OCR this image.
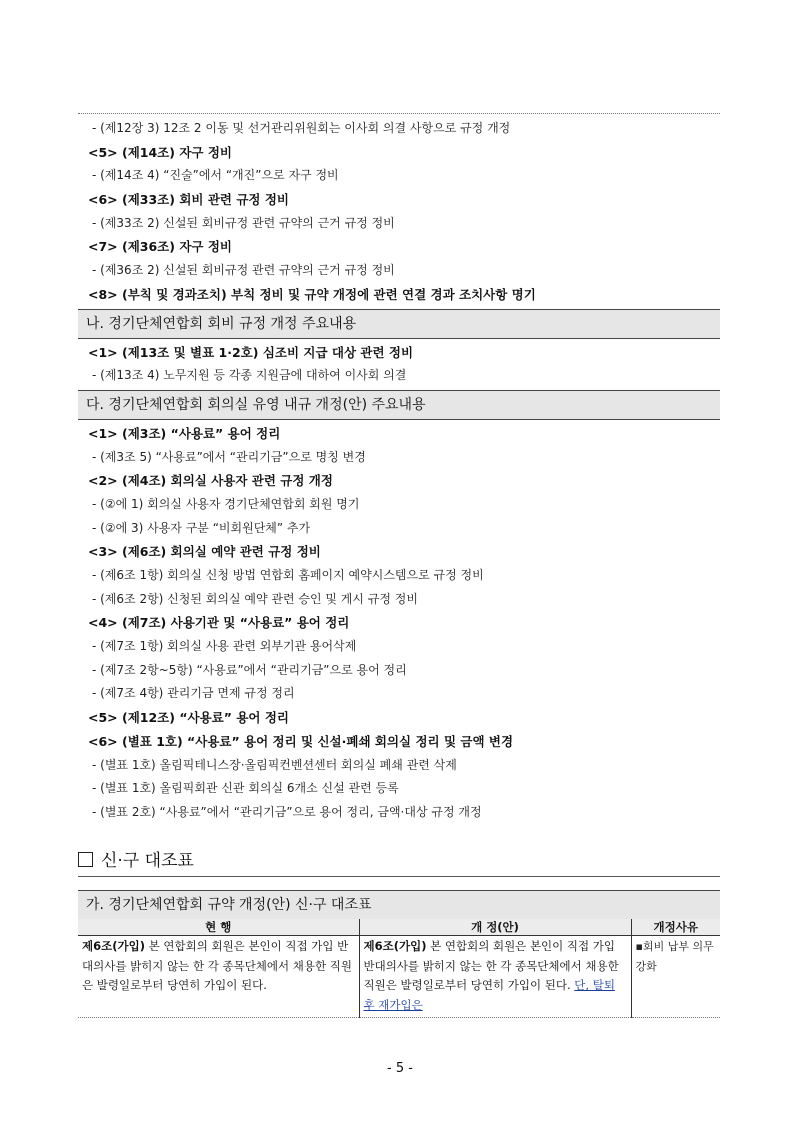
- (제12장 3) 12조 2 이동 및 선거관리위원회는 이사회 의결 사항으로 규정 개정
<5> (제14조) 자구 정비
- (제14조 4) “진술”에서 “개진”으로 자구 정비
<6> (제33조) 회비 관련 규정 정비
- (제33조 2) 신설된 회비규정 관련 규약의 근거 규정 정비
<7> (제36조) 자구 정비
- (제36조 2) 신설된 회비규정 관련 규약의 근거 규정 정비
<8> (부칙 및 경과조치) 부칙 정비 및 규약 개정에 관련 연결 경과 조치사항 명기
나. 경기단체연합회 회비 규정 개정 주요내용
<1> (제13조 및 별표 1·2호) 심조비 지급 대상 관련 정비
- (제13조 4) 노무지원 등 각종 지원금에 대하여 이사회 의결
다. 경기단체연합회 회의실 유영 내규 개정(안) 주요내용
<1> (제3조) “사용료” 용어 정리
- (제3조 5) “사용료”에서 “관리기금”으로 명칭 변경
<2> (제4조) 회의실 사용자 관련 규정 개정
- (②에 1) 회의실 사용자 경기단체연합회 회원 명기
- (②에 3) 사용자 구분 “비회원단체” 추가
<3> (제6조) 회의실 예약 관련 규정 정비
- (제6조 1항) 회의실 신청 방법 연합회 홈페이지 예약시스템으로 규정 정비
- (제6조 2항) 신청된 회의실 예약 관련 승인 및 게시 규정 정비
<4> (제7조) 사용기관 및 “사용료” 용어 정리
- (제7조 1항) 회의실 사용 관련 외부기관 용어삭제
- (제7조 2항~5항) “사용료”에서 “관리기금”으로 용어 정리
- (제7조 4항) 관리기금 면제 규정 정리
<5> (제12조) “사용료” 용어 정리
<6> (별표 1호) “사용료” 용어 정리 및 신설·폐쇄 회의실 정리 및 금액 변경
- (별표 1호) 올림픽테니스장·올림픽컨벤션센터 회의실 폐쇄 관련 삭제
- (별표 1호) 올림픽회관 신관 회의실 6개소 신설 관련 등록
- (별표 2호) “사용료”에서 “관리기금”으로 용어 정리, 금액·대상 규정 개정
신·구 대조표
가. 경기단체연합회 규약 개정(안) 신·구 대조표
현 행	개 정(안)	개정사유
제6조(가입) 본 연합회의 회원은 본인이 직접 가입 반대의사를 밝히지 않는 한 각 종목단체에서 채용한 직원은 발령일로부터 당연히 가입이 된다.	제6조(가입) 본 연합회의 회원은 본인이 직접 가입 반대의사를 밝히지 않는 한 각 종목단체에서 채용한 직원은 발령일로부터 당연히 가입이 된다. 단, 탈퇴 후 재가입은	▪회비 납부 의무 강화
- 5 -
